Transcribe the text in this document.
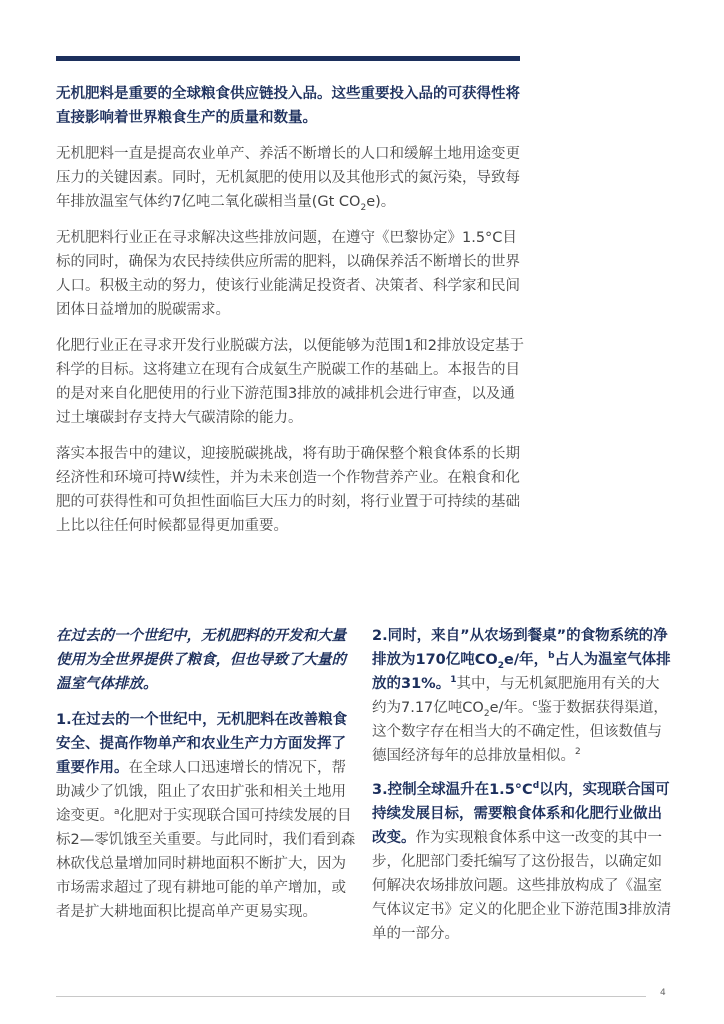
无机肥料是重要的全球粮食供应链投入品。这些重要投入品的可获得性将直接影响着世界粮食生产的质量和数量。

无机肥料一直是提高农业单产、养活不断增长的人口和缓解土地用途变更压力的关键因素。同时，无机氮肥的使用以及其他形式的氮污染，导致每年排放温室气体约7亿吨二氧化碳相当量(Gt $CO_2e$)。

无机肥料行业正在寻求解决这些排放问题，在遵守《巴黎协定》1.5°C目标的同时，确保为农民持续供应所需的肥料，以确保养活不断增长的世界人口。积极主动的努力，使该行业能满足投资者、决策者、科学家和民间团体日益增加的脱碳需求。

化肥行业正在寻求开发行业脱碳方法，以便能够为范围1和2排放设定基于科学的目标。这将建立在现有合成氨生产脱碳工作的基础上。本报告的目的是对来自化肥使用的行业下游范围3排放的减排机会进行审查，以及通过土壤碳封存支持大气碳清除的能力。

落实本报告中的建议，迎接脱碳挑战，将有助于确保整个粮食体系的长期经济性和环境可持W续性，并为未来创造一个作物营养产业。在粮食和化肥的可获得性和可负担性面临巨大压力的时刻，将行业置于可持续的基础上比以往任何时候都显得更加重要。

在过去的一个世纪中，无机肥料的开发和大量使用为全世界提供了粮食，但也导致了大量的温室气体排放。

1.在过去的一个世纪中，无机肥料在改善粮食安全、提高作物单产和农业生产力方面发挥了重要作用。在全球人口迅速增长的情况下，帮助减少了饥饿，阻止了农田扩张和相关土地用途变更。$^a$化肥对于实现联合国可持续发展的目标2—零饥饿至关重要。与此同时，我们看到森林砍伐总量增加同时耕地面积不断扩大，因为市场需求超过了现有耕地可能的单产增加，或者是扩大耕地面积比提高单产更易实现。

2.同时，来自”从农场到餐桌”的食物系统的净排放为170亿吨$CO_2e/$年，$^b$占人为温室气体排放的31%。$^1$其中，与无机氮肥施用有关的大约为7.17亿吨$CO_2e/$年。$^c$鉴于数据获得渠道，这个数字存在相当大的不确定性，但该数值与德国经济每年的总排放量相似。$^2$

3.控制全球温升在$1.5^\circ C^d$以内，实现联合国可持续发展目标，需要粮食体系和化肥行业做出改变。作为实现粮食体系中这一改变的其中一步，化肥部门委托编写了这份报告，以确定如何解决农场排放问题。这些排放构成了《温室气体议定书》定义的化肥企业下游范围3排放清单的一部分。

4
